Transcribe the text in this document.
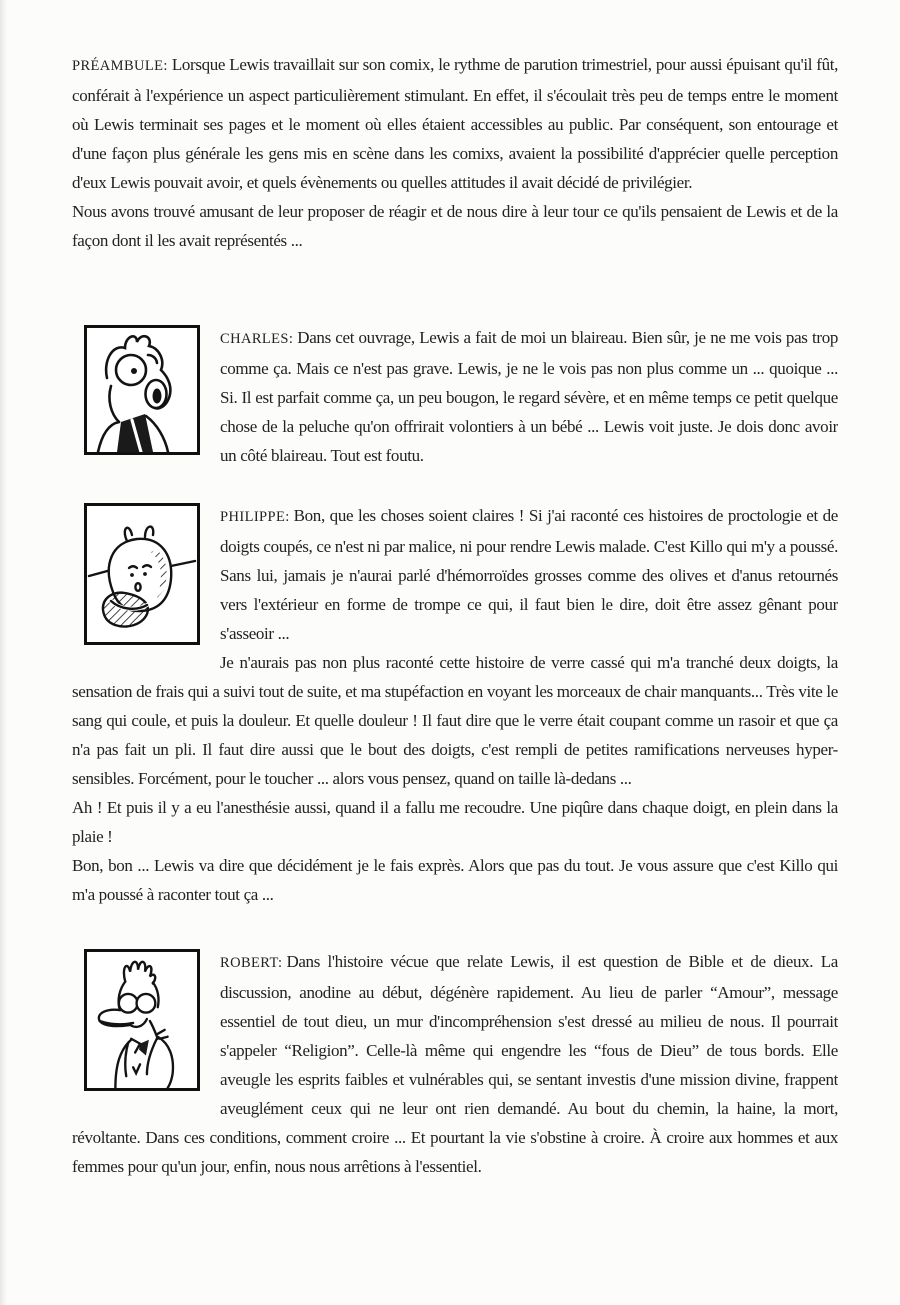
PRÉAMBULE: Lorsque Lewis travaillait sur son comix, le rythme de parution trimestriel, pour aussi épuisant qu'il fût, conférait à l'expérience un aspect particulièrement stimulant. En effet, il s'écoulait très peu de temps entre le moment où Lewis terminait ses pages et le moment où elles étaient accessibles au public. Par conséquent, son entourage et d'une façon plus générale les gens mis en scène dans les comixs, avaient la possibilité d'apprécier quelle perception d'eux Lewis pouvait avoir, et quels évènements ou quelles attitudes il avait décidé de privilégier.

Nous avons trouvé amusant de leur proposer de réagir et de nous dire à leur tour ce qu'ils pensaient de Lewis et de la façon dont il les avait représentés ...

CHARLES: Dans cet ouvrage, Lewis a fait de moi un blaireau. Bien sûr, je ne me vois pas trop comme ça. Mais ce n'est pas grave. Lewis, je ne le vois pas non plus comme un ... quoique ... Si. Il est parfait comme ça, un peu bougon, le regard sévère, et en même temps ce petit quelque chose de la peluche qu'on offrirait volontiers à un bébé ... Lewis voit juste. Je dois donc avoir un côté blaireau. Tout est foutu.

PHILIPPE: Bon, que les choses soient claires ! Si j'ai raconté ces histoires de proctologie et de doigts coupés, ce n'est ni par malice, ni pour rendre Lewis malade. C'est Killo qui m'y a poussé. Sans lui, jamais je n'aurai parlé d'hémorroïdes grosses comme des olives et d'anus retournés vers l'extérieur en forme de trompe ce qui, il faut bien le dire, doit être assez gênant pour s'asseoir ...

Je n'aurais pas non plus raconté cette histoire de verre cassé qui m'a tranché deux doigts, la sensation de frais qui a suivi tout de suite, et ma stupéfaction en voyant les morceaux de chair manquants... Très vite le sang qui coule, et puis la douleur. Et quelle douleur ! Il faut dire que le verre était coupant comme un rasoir et que ça n'a pas fait un pli. Il faut dire aussi que le bout des doigts, c'est rempli de petites ramifications nerveuses hyper-sensibles. Forcément, pour le toucher ... alors vous pensez, quand on taille là-dedans ...

Ah ! Et puis il y a eu l'anesthésie aussi, quand il a fallu me recoudre. Une piqûre dans chaque doigt, en plein dans la plaie !

Bon, bon ... Lewis va dire que décidément je le fais exprès. Alors que pas du tout. Je vous assure que c'est Killo qui m'a poussé à raconter tout ça ...

ROBERT: Dans l'histoire vécue que relate Lewis, il est question de Bible et de dieux. La discussion, anodine au début, dégénère rapidement. Au lieu de parler “Amour”, message essentiel de tout dieu, un mur d'incompréhension s'est dressé au milieu de nous. Il pourrait s'appeler “Religion”. Celle-là même qui engendre les “fous de Dieu” de tous bords. Elle aveugle les esprits faibles et vulnérables qui, se sentant investis d'une mission divine, frappent aveuglément ceux qui ne leur ont rien demandé. Au bout du chemin, la haine, la mort, révoltante. Dans ces conditions, comment croire ... Et pourtant la vie s'obstine à croire. À croire aux hommes et aux femmes pour qu'un jour, enfin, nous nous arrêtions à l'essentiel.
